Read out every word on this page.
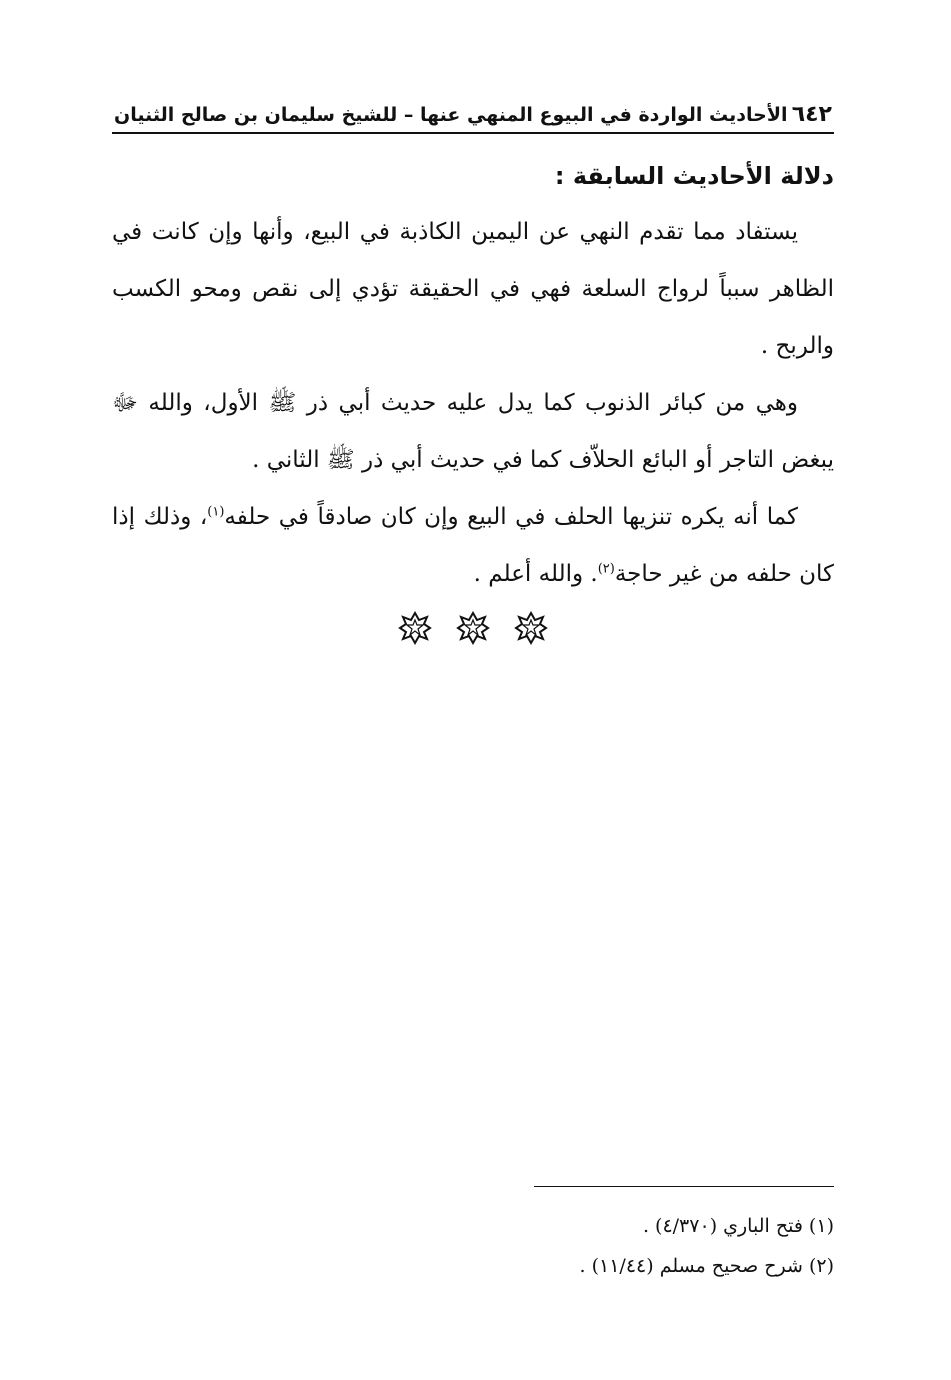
٦٤٢
الأحاديث الواردة في البيوع المنهي عنها – للشيخ سليمان بن صالح الثنيان
دلالة الأحاديث السابقة :

يستفاد مما تقدم النهي عن اليمين الكاذبة في البيع، وأنها وإن كانت في الظاهر سبباً لرواج السلعة فهي في الحقيقة تؤدي إلى نقص ومحو الكسب والربح .

وهي من كبائر الذنوب كما يدل عليه حديث أبي ذر ﷺ الأول، والله ﷻ يبغض التاجر أو البائع الحلاّف كما في حديث أبي ذر ﷺ الثاني .

كما أنه يكره تنزيها الحلف في البيع وإن كان صادقاً في حلفه$^{(١)}$، وذلك إذا كان حلفه من غير حاجة$^{(٢)}$. والله أعلم .

(١) فتح الباري (٤/٣٧٠) .
(٢) شرح صحيح مسلم (١١/٤٤) .
